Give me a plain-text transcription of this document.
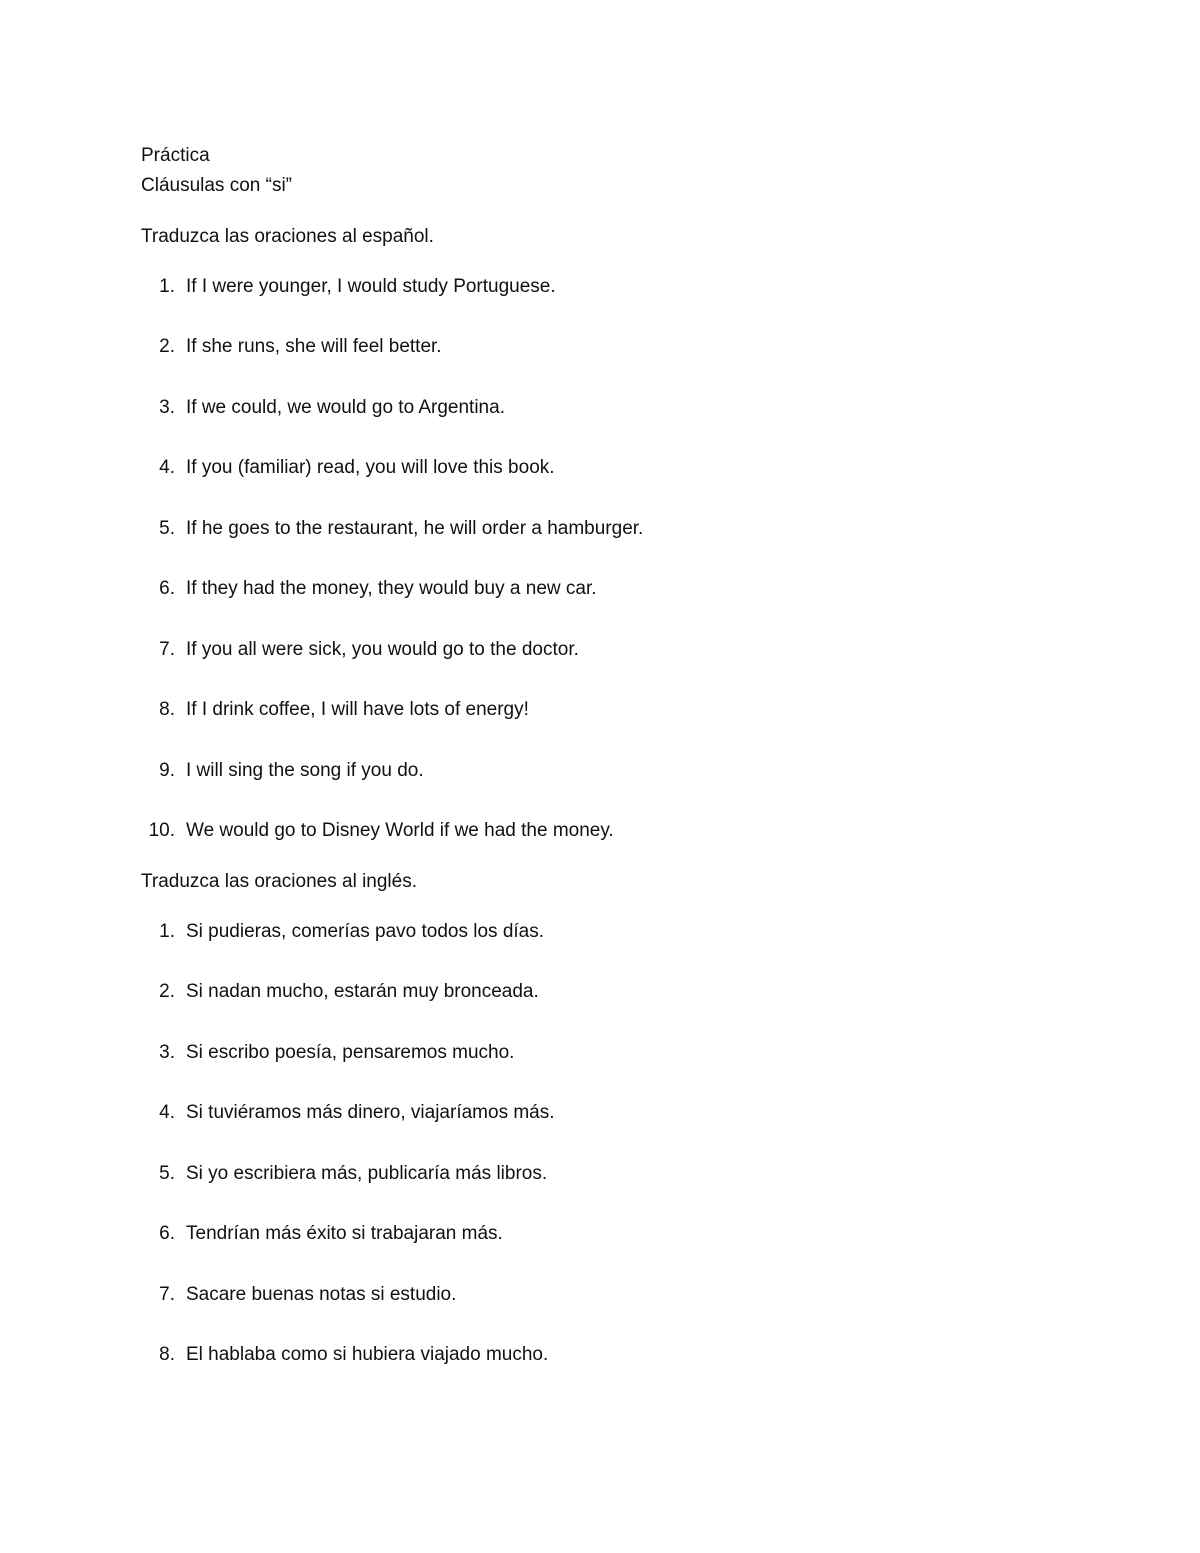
Práctica
Cláusulas con “si”
Traduzca las oraciones al español.
1. If I were younger, I would study Portuguese.
2. If she runs, she will feel better.
3. If we could, we would go to Argentina.
4. If you (familiar) read, you will love this book.
5. If he goes to the restaurant, he will order a hamburger.
6. If they had the money, they would buy a new car.
7. If you all were sick, you would go to the doctor.
8. If I drink coffee, I will have lots of energy!
9. I will sing the song if you do.
10. We would go to Disney World if we had the money.
Traduzca las oraciones al inglés.
1. Si pudieras, comerías pavo todos los días.
2. Si nadan mucho, estarán muy bronceada.
3. Si escribo poesía, pensaremos mucho.
4. Si tuviéramos más dinero, viajaríamos más.
5. Si yo escribiera más, publicaría más libros.
6. Tendrían más éxito si trabajaran más.
7. Sacare buenas notas si estudio.
8. El hablaba como si hubiera viajado mucho.
